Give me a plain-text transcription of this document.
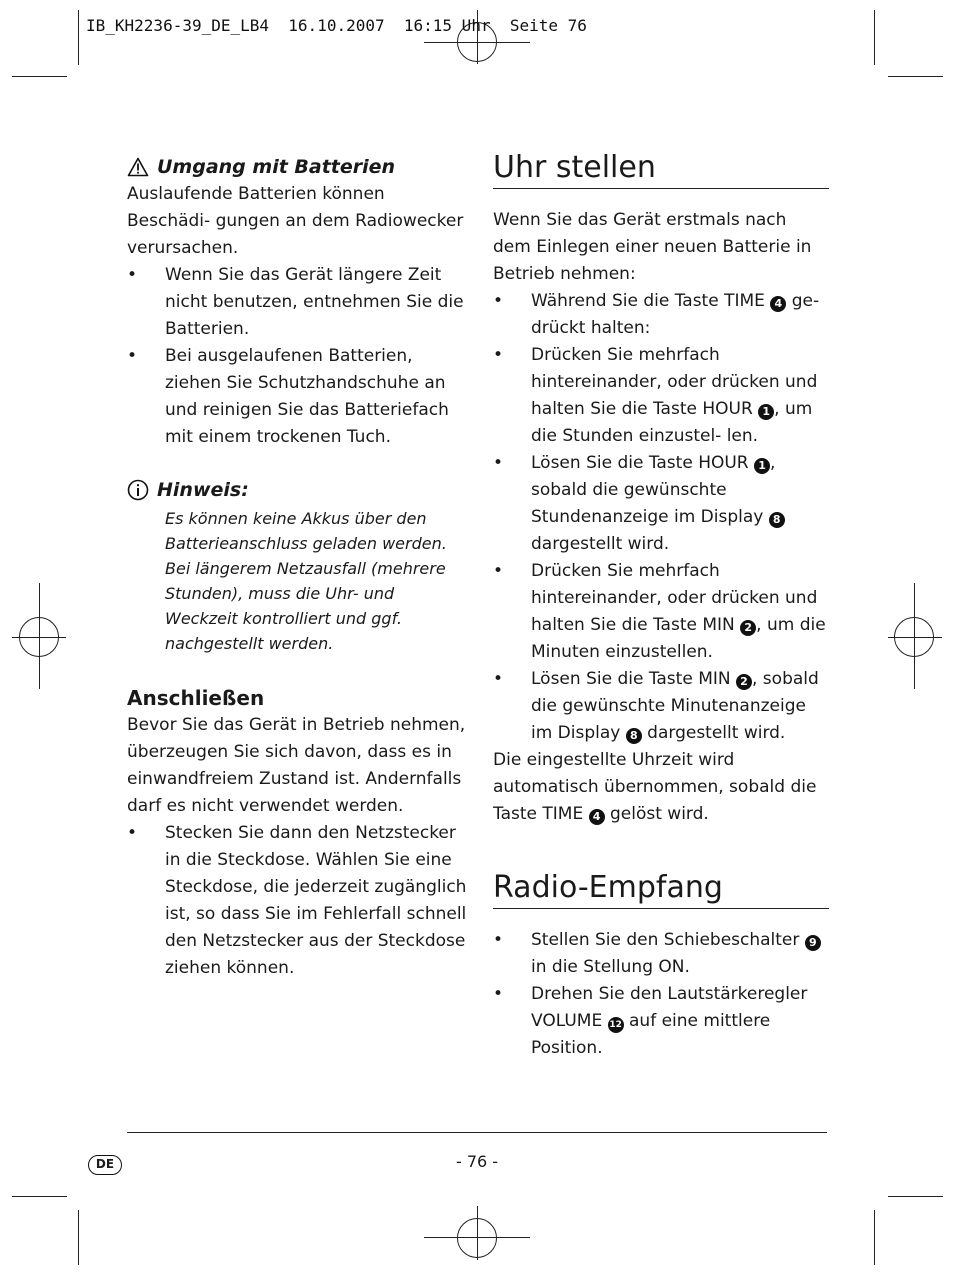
IB_KH2236-39_DE_LB4  16.10.2007  16:15 Uhr  Seite 76
Umgang mit Batterien

Auslaufende Batterien können Beschädi- gungen an dem Radiowecker verursachen.

• Wenn Sie das Gerät längere Zeit nicht benutzen, entnehmen Sie die Batterien.
• Bei ausgelaufenen Batterien, ziehen Sie Schutzhandschuhe an und reinigen Sie das Batteriefach mit einem trockenen Tuch.
Hinweis:

Es können keine Akkus über den Batterieanschluss geladen werden. Bei längerem Netzausfall (mehrere Stunden), muss die Uhr- und Weckzeit kontrolliert und ggf. nachgestellt werden.

Anschließen

Bevor Sie das Gerät in Betrieb nehmen, überzeugen Sie sich davon, dass es in einwandfreiem Zustand ist. Andernfalls darf es nicht verwendet werden.

• Stecken Sie dann den Netzstecker in die Steckdose. Wählen Sie eine Steckdose, die jederzeit zugänglich ist, so dass Sie im Fehlerfall schnell den Netzstecker aus der Steckdose ziehen können.
Uhr stellen

Wenn Sie das Gerät erstmals nach dem Einlegen einer neuen Batterie in Betrieb nehmen:

• Während Sie die Taste TIME 4 ge- drückt halten:
• Drücken Sie mehrfach hintereinander, oder drücken und halten Sie die Taste HOUR 1 , um die Stunden einzustel- len.
• Lösen Sie die Taste HOUR 1 , sobald die gewünschte Stundenanzeige im Display 8 dargestellt wird.
• Drücken Sie mehrfach hintereinander, oder drücken und halten Sie die Taste MIN 2 , um die Minuten einzustellen.
• Lösen Sie die Taste MIN 2 , sobald die gewünschte Minutenanzeige im Display 8 dargestellt wird.

Die eingestellte Uhrzeit wird automatisch übernommen, sobald die Taste TIME 4 gelöst wird.

Radio-Empfang
• Stellen Sie den Schiebeschalter 9 in die Stellung ON.
• Drehen Sie den Lautstärkeregler VOLUME 12 auf eine mittlere Position.
DE	- 76 -
